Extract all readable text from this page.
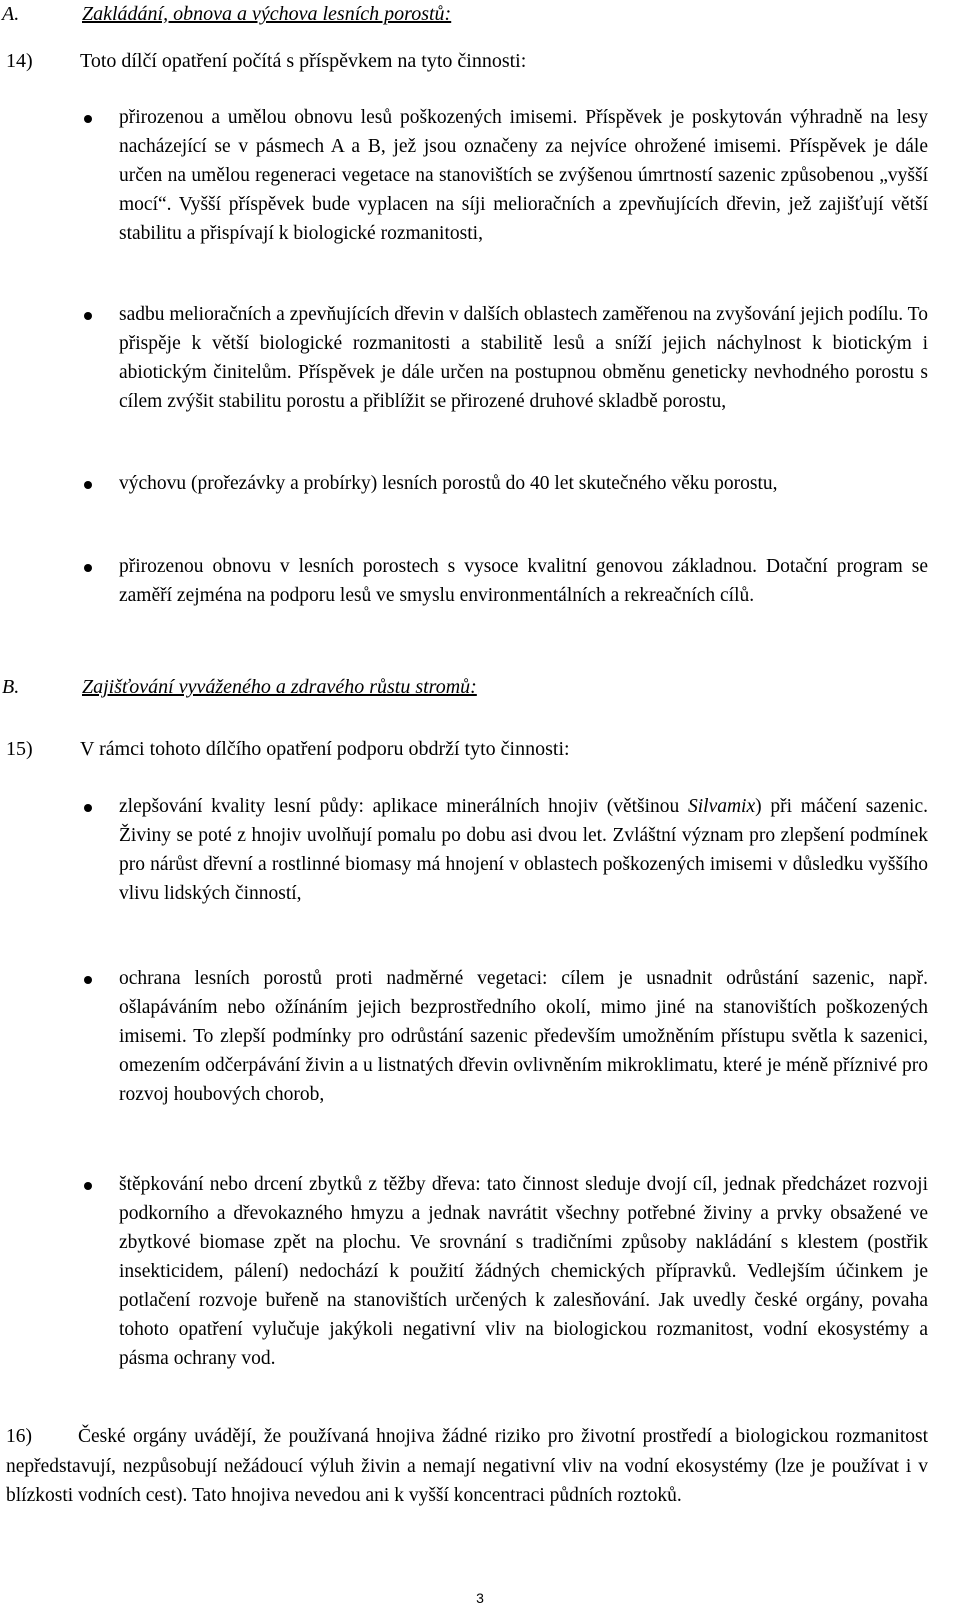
A.	Zakládání, obnova a výchova lesních porostů:
14) Toto dílčí opatření počítá s příspěvkem na tyto činnosti:
přirozenou a umělou obnovu lesů poškozených imisemi. Příspěvek je poskytován výhradně na lesy nacházející se v pásmech A a B, jež jsou označeny za nejvíce ohrožené imisemi. Příspěvek je dále určen na umělou regeneraci vegetace na stanovištích se zvýšenou úmrtností sazenic způsobenou „vyšší mocí“. Vyšší příspěvek bude vyplacen na síji melioračních a zpevňujících dřevin, jež zajišťují větší stabilitu a přispívají k biologické rozmanitosti,
sadbu melioračních a zpevňujících dřevin v dalších oblastech zaměřenou na zvyšování jejich podílu. To přispěje k větší biologické rozmanitosti a stabilitě lesů a sníží jejich náchylnost k biotickým i abiotickým činitelům. Příspěvek je dále určen na postupnou obměnu geneticky nevhodného porostu s cílem zvýšit stabilitu porostu a přiblížit se přirozené druhové skladbě porostu,
výchovu (prořezávky a probírky) lesních porostů do 40 let skutečného věku porostu,
přirozenou obnovu v lesních porostech s vysoce kvalitní genovou základnou. Dotační program se zaměří zejména na podporu lesů ve smyslu environmentálních a rekreačních cílů.
B.	Zajišťování vyváženého a zdravého růstu stromů:
15) V rámci tohoto dílčího opatření podporu obdrží tyto činnosti:
zlepšování kvality lesní půdy: aplikace minerálních hnojiv (většinou Silvamix) při máčení sazenic. Živiny se poté z hnojiv uvolňují pomalu po dobu asi dvou let. Zvláštní význam pro zlepšení podmínek pro nárůst dřevní a rostlinné biomasy má hnojení v oblastech poškozených imisemi v důsledku vyššího vlivu lidských činností,
ochrana lesních porostů proti nadměrné vegetaci: cílem je usnadnit odrůstání sazenic, např. ošlapáváním nebo ožínáním jejich bezprostředního okolí, mimo jiné na stanovištích poškozených imisemi. To zlepší podmínky pro odrůstání sazenic především umožněním přístupu světla k sazenici, omezením odčerpávání živin a u listnatých dřevin ovlivněním mikroklimatu, které je méně příznivé pro rozvoj houbových chorob,
štěpkování nebo drcení zbytků z těžby dřeva: tato činnost sleduje dvojí cíl, jednak předcházet rozvoji podkorního a dřevokazného hmyzu a jednak navrátit všechny potřebné živiny a prvky obsažené ve zbytkové biomase zpět na plochu. Ve srovnání s tradičními způsoby nakládání s klestem (postřik insekticidem, pálení) nedochází k použití žádných chemických přípravků. Vedlejším účinkem je potlačení rozvoje buřeně na stanovištích určených k zalesňování. Jak uvedly české orgány, povaha tohoto opatření vylučuje jakýkoli negativní vliv na biologickou rozmanitost, vodní ekosystémy a pásma ochrany vod.
16) České orgány uvádějí, že používaná hnojiva žádné riziko pro životní prostředí a biologickou rozmanitost nepředstavují, nezpůsobují nežádoucí výluh živin a nemají negativní vliv na vodní ekosystémy (lze je používat i v blízkosti vodních cest). Tato hnojiva nevedou ani k vyšší koncentraci půdních roztoků.
3
